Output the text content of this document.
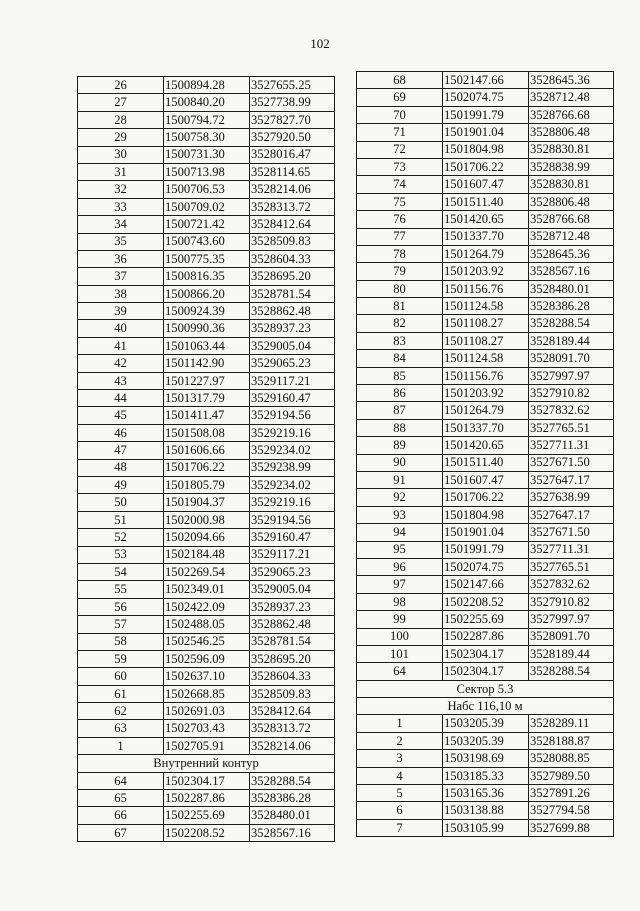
102
26	1500894.28	3527655.25
27	1500840.20	3527738.99
28	1500794.72	3527827.70
29	1500758.30	3527920.50
30	1500731.30	3528016.47
31	1500713.98	3528114.65
32	1500706.53	3528214.06
33	1500709.02	3528313.72
34	1500721.42	3528412.64
35	1500743.60	3528509.83
36	1500775.35	3528604.33
37	1500816.35	3528695.20
38	1500866.20	3528781.54
39	1500924.39	3528862.48
40	1500990.36	3528937.23
41	1501063.44	3529005.04
42	1501142.90	3529065.23
43	1501227.97	3529117.21
44	1501317.79	3529160.47
45	1501411.47	3529194.56
46	1501508.08	3529219.16
47	1501606.66	3529234.02
48	1501706.22	3529238.99
49	1501805.79	3529234.02
50	1501904.37	3529219.16
51	1502000.98	3529194.56
52	1502094.66	3529160.47
53	1502184.48	3529117.21
54	1502269.54	3529065.23
55	1502349.01	3529005.04
56	1502422.09	3528937.23
57	1502488.05	3528862.48
58	1502546.25	3528781.54
59	1502596.09	3528695.20
60	1502637.10	3528604.33
61	1502668.85	3528509.83
62	1502691.03	3528412.64
63	1502703.43	3528313.72
1	1502705.91	3528214.06
Внутренний контур		
64	1502304.17	3528288.54
65	1502287.86	3528386.28
66	1502255.69	3528480.01
67	1502208.52	3528567.16
68	1502147.66	3528645.36
69	1502074.75	3528712.48
70	1501991.79	3528766.68
71	1501901.04	3528806.48
72	1501804.98	3528830.81
73	1501706.22	3528838.99
74	1501607.47	3528830.81
75	1501511.40	3528806.48
76	1501420.65	3528766.68
77	1501337.70	3528712.48
78	1501264.79	3528645.36
79	1501203.92	3528567.16
80	1501156.76	3528480.01
81	1501124.58	3528386.28
82	1501108.27	3528288.54
83	1501108.27	3528189.44
84	1501124.58	3528091.70
85	1501156.76	3527997.97
86	1501203.92	3527910.82
87	1501264.79	3527832.62
88	1501337.70	3527765.51
89	1501420.65	3527711.31
90	1501511.40	3527671.50
91	1501607.47	3527647.17
92	1501706.22	3527638.99
93	1501804.98	3527647.17
94	1501901.04	3527671.50
95	1501991.79	3527711.31
96	1502074.75	3527765.51
97	1502147.66	3527832.62
98	1502208.52	3527910.82
99	1502255.69	3527997.97
100	1502287.86	3528091.70
101	1502304.17	3528189.44
64	1502304.17	3528288.54
Сектор 5.3		
Набс 116,10 м		
1	1503205.39	3528289.11
2	1503205.39	3528188.87
3	1503198.69	3528088.85
4	1503185.33	3527989.50
5	1503165.36	3527891.26
6	1503138.88	3527794.58
7	1503105.99	3527699.88
